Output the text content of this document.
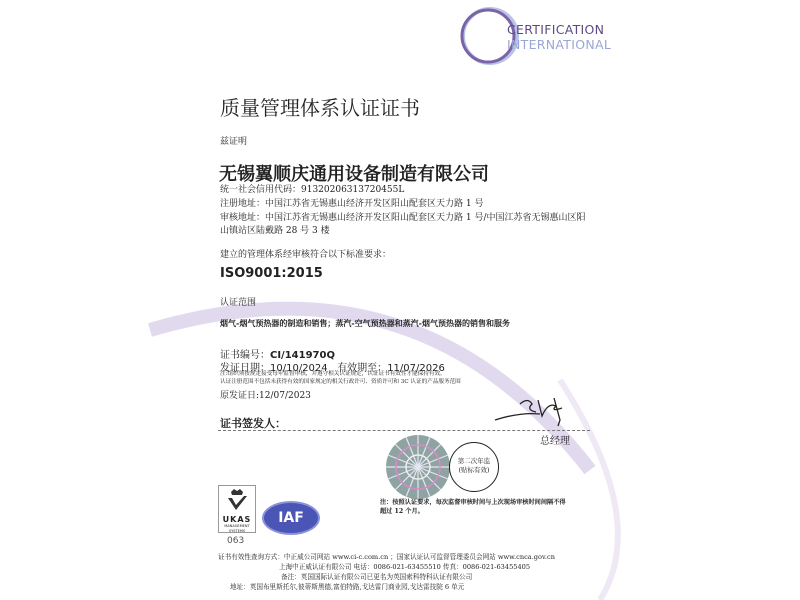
CERTIFICATION
INTERNATIONAL
质量管理体系认证证书
兹证明
无锡翼顺庆通用设备制造有限公司
统一社会信用代码：91320206313720455L
注册地址：中国江苏省无锡惠山经济开发区阳山配套区天力路 1 号
审核地址：中国江苏省无锡惠山经济开发区阳山配套区天力路 1 号/中国江苏省无锡惠山区阳
山镇站区陆戴路 28 号 3 楼
建立的管理体系经审核符合以下标准要求：
ISO9001:2015
认证范围
烟气-烟气预热器的制造和销售；蒸汽-空气预热器和蒸汽-烟气预热器的销售和服务
证书编号：CI/141970Q
发证日期：10/10/2024 有效期至：11/07/2026
注:组织须按规定接受每年监督审核，并遵守相关认证规定，认证证书有效性才能保持有效。
认证注册范围不包括未获得有效的国家规定的相关行政许可、资质许可和 3C 认证的产品服务范围
原发证日:12/07/2023
证书签发人：
总经理
第二次年监
(贴标有效)
注：按照认证要求，每次监督审核时间与上次现场审核时间间隔不得
超过 12 个月。
UKAS
MANAGEMENT
SYSTEMS
063
IAF
证书有效性查询方式：中正威公司网站 www.ci-c.com.cn ；国家认证认可监督管理委员会网站 www.cnca.gov.cn
上海中正威认证有限公司 电话：0086-021-63455510 传真：0086-021-63455405
备注：英国国际认证有限公司已更名为英国索科特科认证有限公司
地址：英国布里斯托尔,彼蒂斯黑德,富伯特路,戈达雷门商业园,戈达雷技院 6 单元
